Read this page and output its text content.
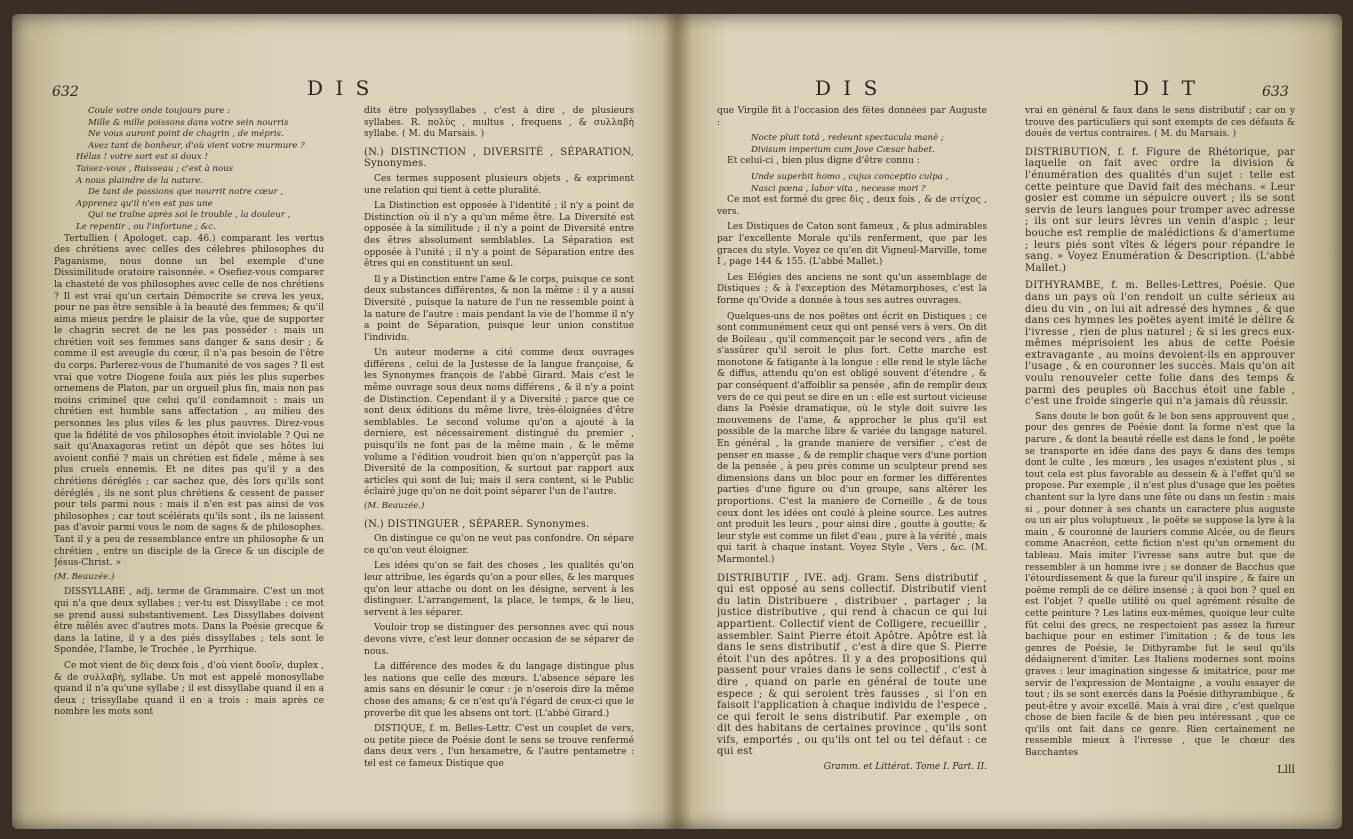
632	D I S

Coule votre onde toujours pure :

Mille & mille poissons dans votre sein nourris

Ne vous auront point de chagrin , de mépris.

Avez tant de bonheur, d'où vient votre murmure ?

Hélas ! votre sort est si doux !

Taisez-vous , Ruisseau ; c'est à nous

A nous plaindre de la nature.

De tant de passions que nourrit notre cœur ,

Apprenez qu'il n'en est pas une

Qui ne traîne après soi le trouble , la douleur ,

Le repentir , ou l'infortune ; &c.

Tertullien ( Apologet. cap. 46.) comparant les vertus des chrétiens avec celles des célebres philosophes du Paganisme, nous donne un bel exemple d'une Dissimilitude oratoire raisonnée. « Osefiez-vous comparer la chasteté de vos philosophes avec celle de nos chrétiens ? Il est vrai qu'un certain Démocrite se creva les yeux, pour ne pas être sensible à la beauté des femmes; & qu'il aima mieux perdre le plaisir de la vûe, que de supporter le chagrin secret de ne les pas posséder : mais un chrétien voit ses femmes sans danger & sans desir ; & comme il est aveugle du cœur, il n'a pas besoin de l'être du corps. Parlerez-vous de l'humanité de vos sages ? Il est vrai que votre Diogene foula aux piés les plus superbes ornemens de Platon, par un orgueil plus fin, mais non pas moins criminel que celui qu'il condamnoit : mais un chrétien est humble sans affectation , au milieu des personnes les plus viles & les plus pauvres. Direz-vous que la fidélité de vos philosophes étoit inviolable ? Qui ne sait qu'Anaxagoras retint un dépôt que ses hôtes lui avoient confié ? mais un chrétien est fidele , même à ses plus cruels ennemis. Et ne dites pas qu'il y a des chrétiens déréglés ; car sachez que, dès lors qu'ils sont déréglés , ils ne sont plus chrétiens & cessent de passer pour tels parmi nous : mais il n'en est pas ainsi de vos philosophes ; car tout scélérats qu'ils sont , ils ne laissent pas d'avoir parmi vous le nom de sages & de philosophes. Tant il y a peu de ressemblance entre un philosophe & un chrétien , entre un disciple de la Grece & un disciple de Jésus-Christ. »

(M. Beauzée.)

DISSYLLABE , adj. terme de Grammaire. C'est un mot qui n'a que deux syllabes ; ver-tu est Dissyllabe : ce mot se prend aussi substantivement. Les Dissyllabes doivent être mêlés avec d'autres mots. Dans la Poésie grecque & dans la latine, il y a des piés dissyllabes ; tels sont le Spondée, l'Iambe, le Trochée , le Pyrrhique.

Ce mot vient de δὶς deux fois , d'où vient δυοῖν, duplex , & de συλλαβὴ, syllabe. Un mot est appelé monosyllabe quand il n'a qu'une syllabe ; il est dissyllabe quand il en a deux ; trissyllabe quand il en a trois : mais après ce nombre les mots sont

dits être polyssyllabes , c'est à dire , de plusieurs syllabes. R. πολὺς , multus , frequens , & συλλαβὴ syllabe. ( M. du Marsais. )

(N.) DISTINCTION , DIVERSITÉ , SÉPARATION, Synonymes.

Ces termes supposent plusieurs objets , & expriment une relation qui tient à cette pluralité.

La Distinction est opposée à l'identité ; il n'y a point de Distinction où il n'y a qu'un même être. La Diversité est opposée à la similitude ; il n'y a point de Diversité entre des êtres absolument semblables. La Séparation est opposée à l'unité ; il n'y a point de Séparation entre des êtres qui en constituent un seul.

Il y a Distinction entre l'ame & le corps, puisque ce sont deux substances différentes, & non la même : il y a aussi Diversité , puisque la nature de l'un ne ressemble point à la nature de l'autre : mais pendant la vie de l'homme il n'y a point de Séparation, puisque leur union constitue l'individu.

Un auteur moderne a cité comme deux ouvrages différens , celui de la Justesse de la langue françoise, & les Synonymes françois de l'abbé Girard. Mais c'est le même ouvrage sous deux noms différens , & il n'y a point de Distinction. Cependant il y a Diversité ; parce que ce sont deux éditions du même livre, très-éloignées d'être semblables. Le second volume qu'on a ajouté à la derniere, est nécessairement distingué du premier , puisqu'ils ne font pas de la même main , & le même volume a l'édition voudroit bien qu'on n'apperçût pas la Diversité de la composition, & surtout par rapport aux articles qui sont de lui; mais il sera content, si le Public éclairé juge qu'on ne doit point séparer l'un de l'autre.

(M. Beauzée.)

(N.) DISTINGUER , SÉPARER. Synonymes.

On distingue ce qu'on ne veut pas confondre. On sépare ce qu'on veut éloigner.

Les idées qu'on se fait des choses , les qualités qu'on leur attribue, les égards qu'on a pour elles, & les marques qu'on leur attache ou dont on les désigne, servent à les distinguer. L'arrangement, la place, le temps, & le lieu, servent à les séparer.

Vouloir trop se distinguer des personnes avec qui nous devons vivre, c'est leur donner occasion de se séparer de nous.

La différence des modes & du langage distingue plus les nations que celle des mœurs. L'absence sépare les amis sans en désunir le cœur : je n'oserois dire la même chose des amans; & ce n'est qu'à l'égard de ceux-ci que le proverbe dit que les absens ont tort. (L'abbé Girard.)

DISTIQUE, f. m. Belles-Lettr. C'est un couplet de vers, ou petite piece de Poésie dont le sens se trouve renfermé dans deux vers , l'un hexametre, & l'autre pentametre : tel est ce fameux Distique que

D I S	D I T	633

que Virgile fit à l'occasion des fêtes données par Auguste :

Nocte pluit totâ , redeunt spectacula manè ;

Divisum imperium cum Jove Cæsar habet.

Et celui-ci , bien plus digne d'être connu :

Unde superbit homo , cujus conceptio culpa ,

Nasci pœna , labor vita , necesse mori ?

Ce mot est formé du grec δὶς , deux fois , & de στίχος , vers.

Les Distiques de Caton sont fameux , & plus admirables par l'excellente Morale qu'ils renferment, que par les graces du style. Voyez ce qu'en dit Vigneul-Marville, tome I , page 144 & 155. (L'abbé Mallet.)

Les Elégies des anciens ne sont qu'un assemblage de Distiques ; & à l'exception des Métamorphoses, c'est la forme qu'Ovide a donnée à tous ses autres ouvrages.

Quelques-uns de nos poëtes ont écrit en Distiques ; ce sont communément ceux qui ont pensé vers à vers. On dit de Boileau , qu'il commençoit par le second vers , afin de s'assûrer qu'il seroit le plus fort. Cette marche est monotone & fatigante à la longue : elle rend le style lâche & diffus, attendu qu'on est obligé souvent d'étendre , & par conséquent d'affoiblir sa pensée , afin de remplir deux vers de ce qui peut se dire en un : elle est surtout vicieuse dans la Poésie dramatique, où le style doit suivre les mouvemens de l'ame, & approcher le plus qu'il est possible de la marche libre & variée du langage naturel. En général , la grande maniere de versifier , c'est de penser en masse , & de remplir chaque vers d'une portion de la pensée , à peu près comme un sculpteur prend ses dimensions dans un bloc pour en former les différentes parties d'une figure ou d'un groupe, sans altérer les proportions. C'est la maniere de Corneille , & de tous ceux dont les idées ont coulé à pleine source. Les autres ont produit les leurs , pour ainsi dire , goutte à goutte; & leur style est comme un filet d'eau , pure à la vérité , mais qui tarit à chaque instant. Voyez Style , Vers , &c. (M. Marmontel.)

DISTRIBUTIF , IVE. adj. Gram. Sens distributif , qui est opposé au sens collectif. Distributif vient du latin Distribuere , distribuer , partager ; la justice distributive , qui rend à chacun ce qui lui appartient. Collectif vient de Colligere, recueillir , assembler. Saint Pierre étoit Apôtre. Apôtre est là dans le sens distributif , c'est à dire que S. Pierre étoit l'un des apôtres. Il y a des propositions qui passent pour vraies dans le sens collectif , c'est à dire , quand on parle en général de toute une espece ; & qui seroient très fausses , si l'on en faisoit l'application à chaque individu de l'espece , ce qui feroit le sens distributif. Par exemple , on dit des habitans de certaines province , qu'ils sont vifs, emportés , ou qu'ils ont tel ou tel défaut : ce qui est

Gramm. et Littérat. Tome I. Part. II.

vrai en général & faux dans le sens distributif ; car on y trouve des particuliers qui sont exempts de ces défauts & doués de vertus contraires. ( M. du Marsais. )

DISTRIBUTION, f. f. Figure de Rhétorique, par laquelle on fait avec ordre la division & l'énumération des qualités d'un sujet : telle est cette peinture que David fait des méchans. « Leur gosier est comme un sépulcre ouvert ; ils se sont servis de leurs langues pour tromper avec adresse ; ils ont sur leurs lèvres un venin d'aspic ; leur bouche est remplie de malédictions & d'amertume ; leurs piés sont vîtes & légers pour répandre le sang. » Voyez Enumération & Description. (L'abbé Mallet.)

DITHYRAMBE, f. m. Belles-Lettres, Poésie. Que dans un pays où l'on rendoit un culte sérieux au dieu du vin , on lui ait adressé des hymnes , & que dans ces hymnes les poëtes ayent imité le délire & l'ivresse , rien de plus naturel ; & si les grecs eux-mêmes méprisoient les abus de cette Poésie extravagante , au moins devoient-ils en approuver l'usage , & en couronner les succès. Mais qu'on ait voulu renouveler cette folie dans des temps & parmi des peuples où Bacchus étoit une fable , c'est une froide singerie qui n'a jamais dû réussir.

Sans doute le bon goût & le bon sens approuvent que , pour des genres de Poésie dont la forme n'est que la parure , & dont la beauté réelle est dans le fond , le poëte se transporte en idée dans des pays & dans des temps dont le culte , les mœurs , les usages n'existent plus , si tout cela est plus favorable au dessein & à l'effet qu'il se propose. Par exemple , il n'est plus d'usage que les poëtes chantent sur la lyre dans une fête ou dans un festin : mais si , pour donner à ses chants un caractere plus auguste ou un air plus voluptueux , le poëte se suppose la lyre à la main , & couronné de lauriers comme Alcée, ou de fleurs comme Anacréon, cette fiction n'est qu'un ornement du tableau. Mais imiter l'ivresse sans autre but que de ressembler à un homme ivre ; se donner de Bacchus que l'étourdissement & que la fureur qu'il inspire , & faire un poëme rempli de ce délire insensé ; à quoi bon ? quel en est l'objet ? quelle utilité ou quel agrément résulte de cette peinture ? Les latins eux-mêmes, quoique leur culte fût celui des grecs, ne respectoient pas assez la fureur bachique pour en estimer l'imitation ; & de tous les genres de Poésie, le Dithyrambe fut le seul qu'ils dédaignerent d'imiter. Les Italiens modernes sont moins graves : leur imagination singesse & imitatrice, pour me servir de l'expression de Montaigne , a voulu essayer de tout ; ils se sont exercés dans la Poésie dithyrambique , & peut-être y avoir excellé. Mais à vrai dire , c'est quelque chose de bien facile & de bien peu intéressant , que ce qu'ils ont fait dans ce genre. Rien certainement ne ressemble mieux à l'ivresse , que le chœur des Bacchantes

Llll
